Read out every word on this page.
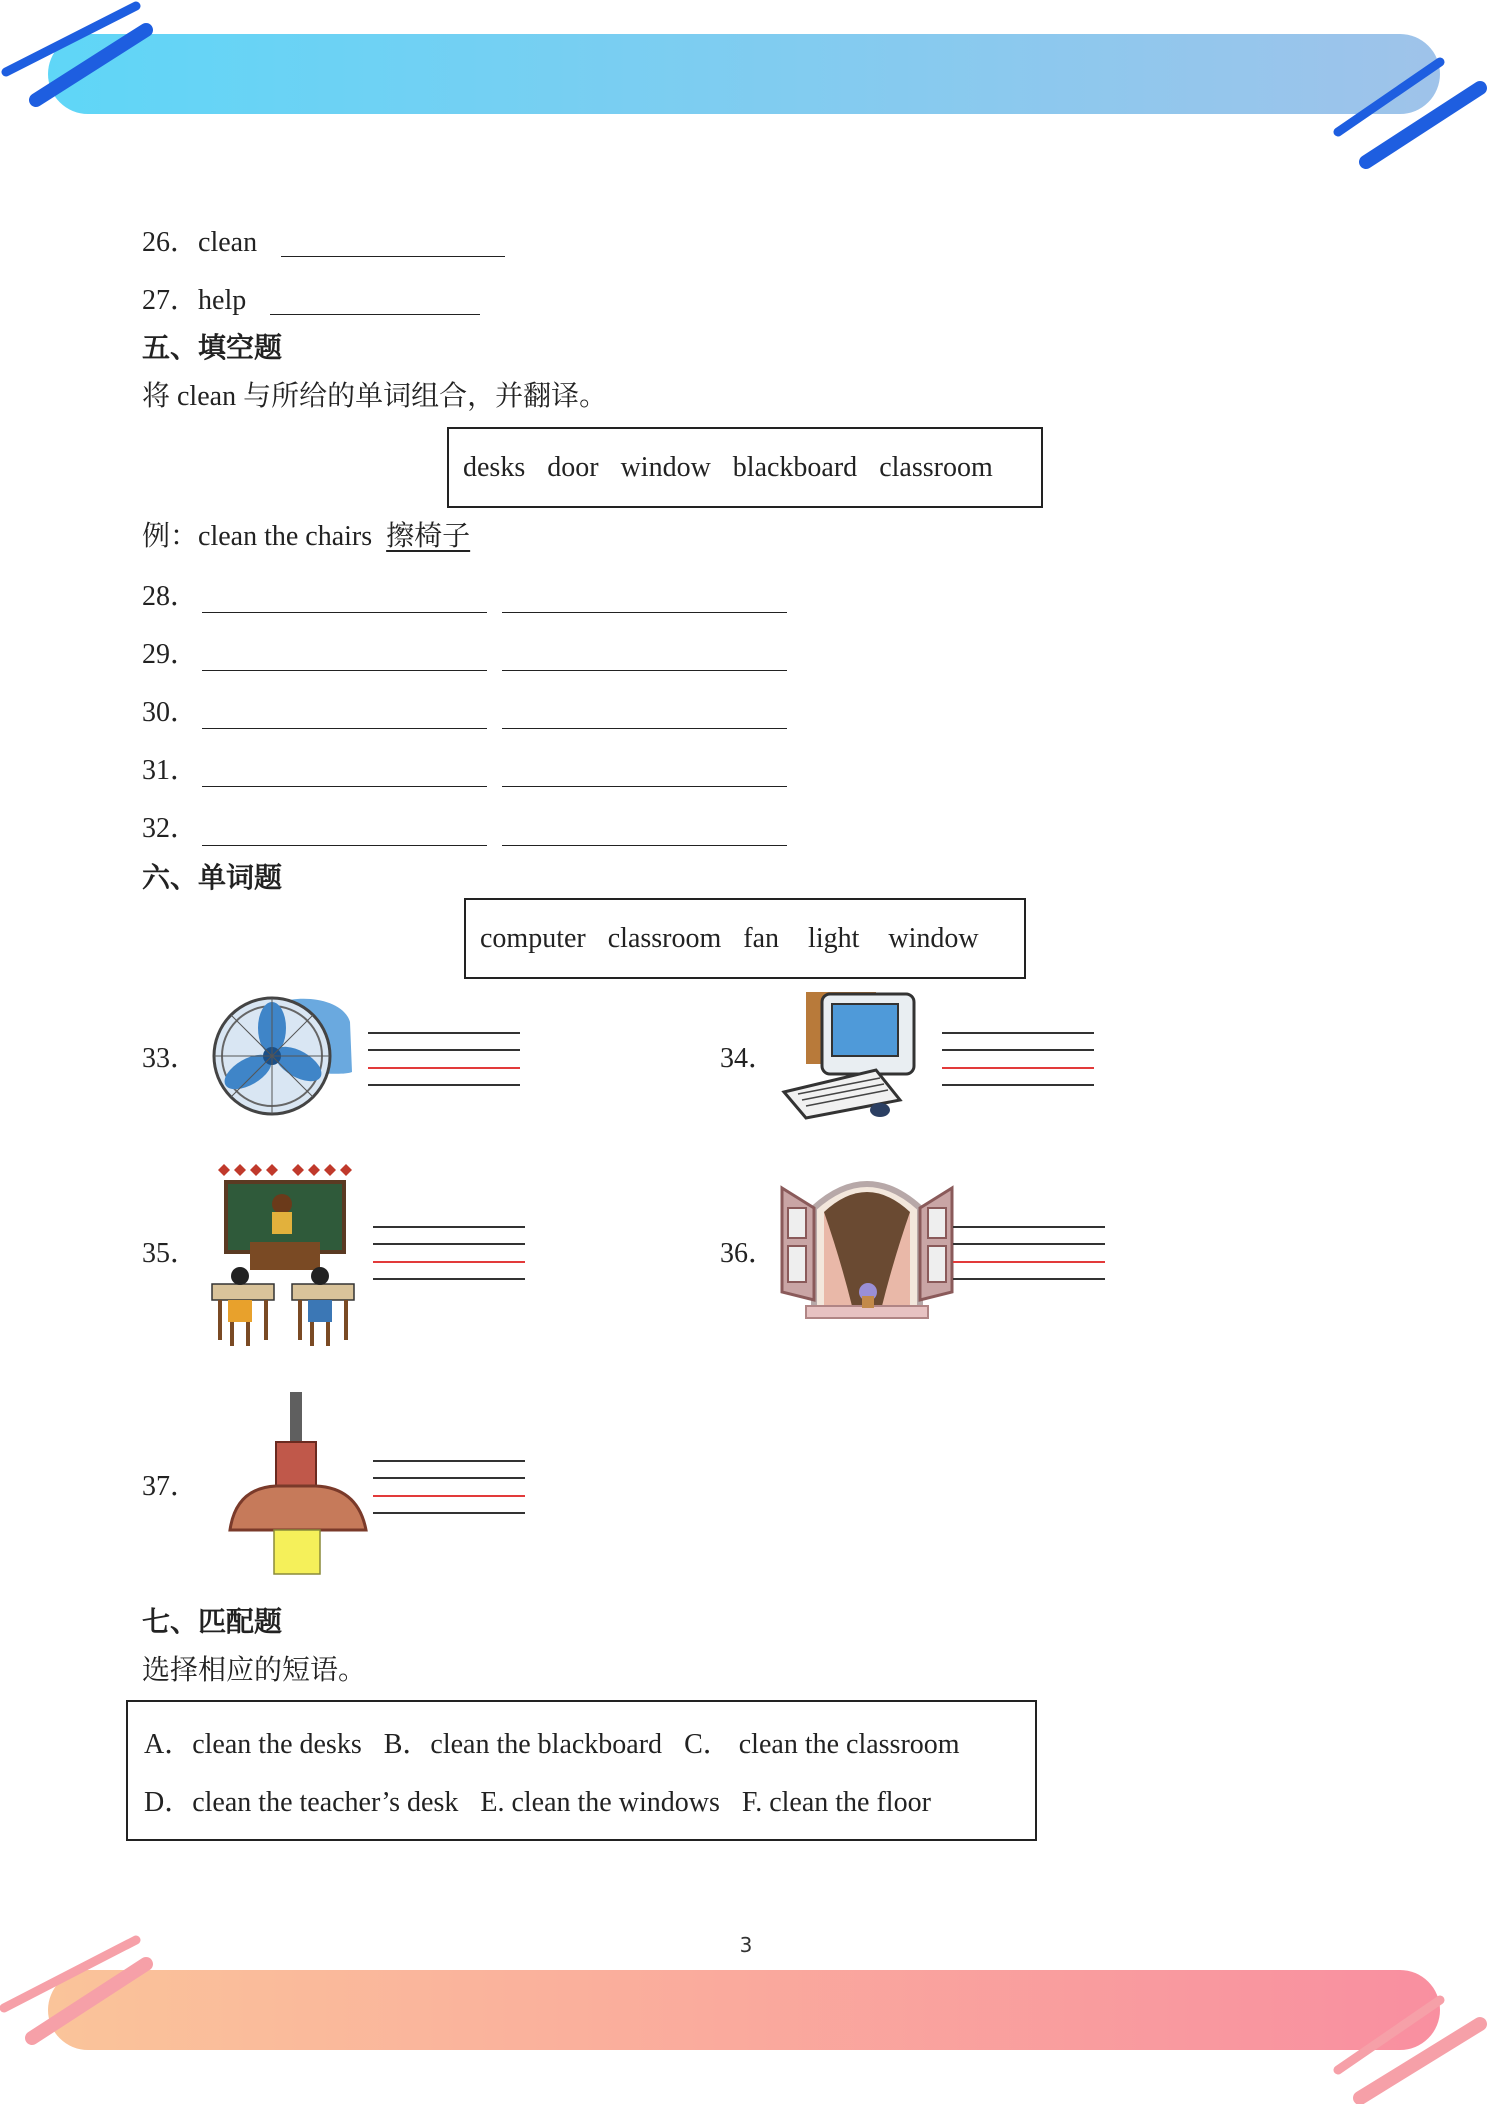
26．clean
27．help
五、填空题
将 clean 与所给的单词组合，并翻译。
desks door window blackboard classroom
例：clean the chairs 擦椅子
28．
29．
30．
31．
32．
六、单词题
computer classroom fan light window
33．	34．
35．	36．
37．
七、匹配题
选择相应的短语。
A．clean the desks B．clean the blackboard C． clean the classroom
D．clean the teacher’s desk E. clean the windows F. clean the floor
3
